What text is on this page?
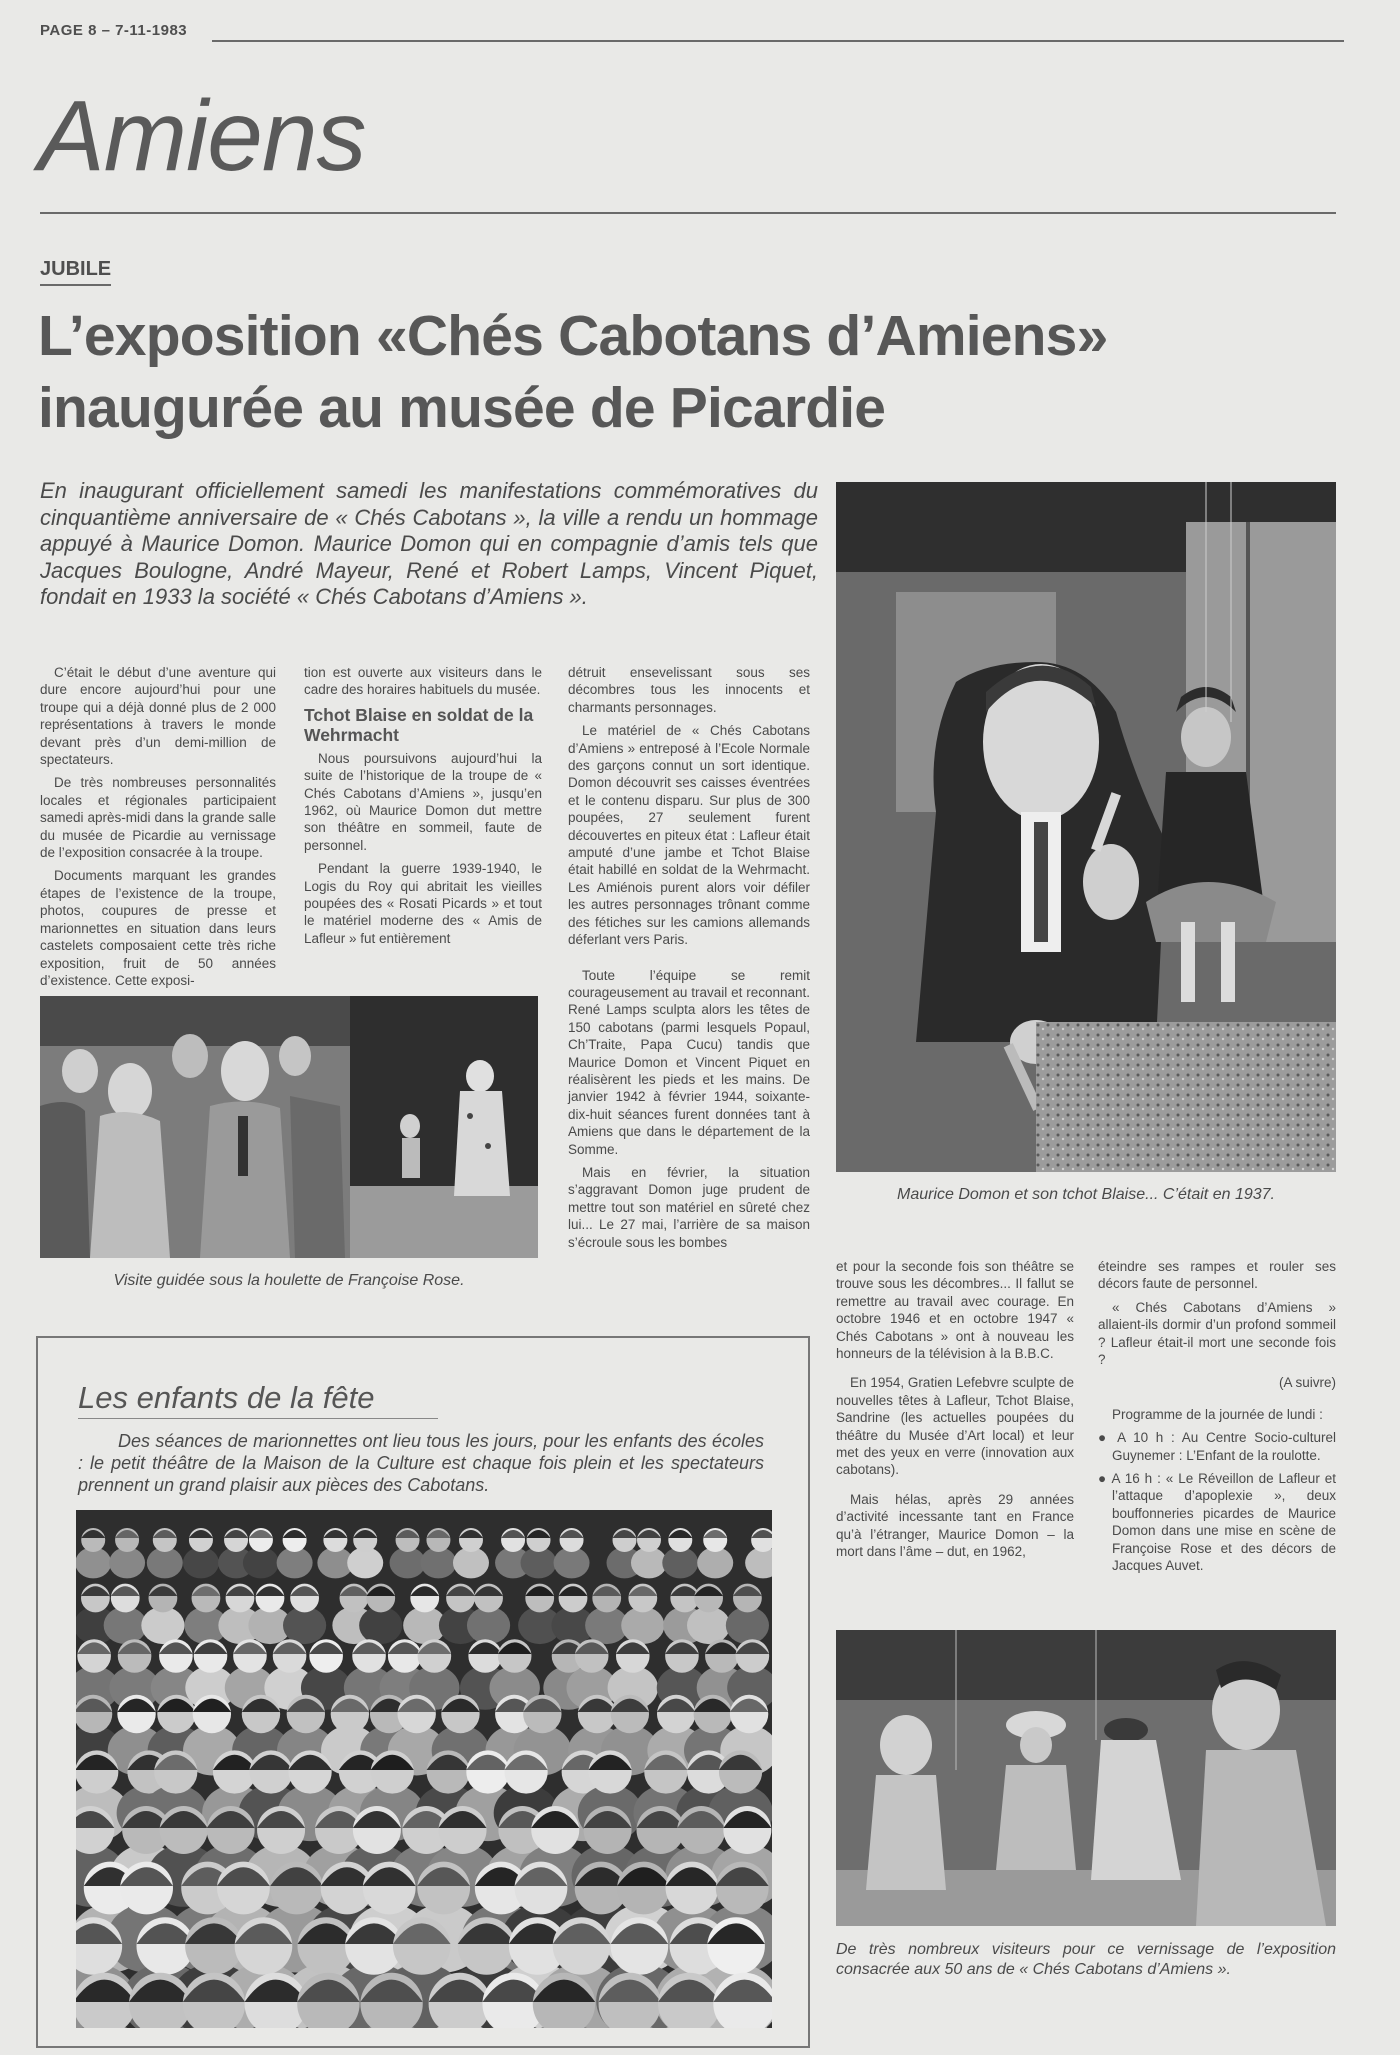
PAGE 8 – 7-11-1983
Amiens
JUBILE
L’exposition «Chés Cabotans d’Amiens»
inaugurée au musée de Picardie
En inaugurant officiellement samedi les manifestations commémoratives du cinquantième anniversaire de « Chés Cabotans », la ville a rendu un hommage appuyé à Maurice Domon. Maurice Domon qui en compagnie d’amis tels que Jacques Boulogne, André Mayeur, René et Robert Lamps, Vincent Piquet, fondait en 1933 la société « Chés Cabotans d’Amiens ».

C’était le début d’une aventure qui dure encore aujourd’hui pour une troupe qui a déjà donné plus de 2 000 représentations à travers le monde devant près d’un demi-million de spectateurs.

De très nombreuses personnalités locales et régionales participaient samedi après-midi dans la grande salle du musée de Picardie au vernissage de l’exposition consacrée à la troupe.

Documents marquant les grandes étapes de l’existence de la troupe, photos, coupures de presse et marionnettes en situation dans leurs castelets composaient cette très riche exposition, fruit de 50 années d’existence. Cette exposi-

tion est ouverte aux visiteurs dans le cadre des horaires habituels du musée.

Tchot Blaise en soldat de la Wehrmacht

Nous poursuivons aujourd’hui la suite de l’historique de la troupe de « Chés Cabotans d’Amiens », jusqu’en 1962, où Maurice Domon dut mettre son théâtre en sommeil, faute de personnel.

Pendant la guerre 1939-1940, le Logis du Roy qui abritait les vieilles poupées des « Rosati Picards » et tout le matériel moderne des « Amis de Lafleur » fut entièrement

détruit ensevelissant sous ses décombres tous les innocents et charmants personnages.

Le matériel de « Chés Cabotans d’Amiens » entreposé à l’Ecole Normale des garçons connut un sort identique. Domon découvrit ses caisses éventrées et le contenu disparu. Sur plus de 300 poupées, 27 seulement furent découvertes en piteux état : Lafleur était amputé d’une jambe et Tchot Blaise était habillé en soldat de la Wehrmacht. Les Amiénois purent alors voir défiler les autres personnages trônant comme des fétiches sur les camions allemands déferlant vers Paris.

Toute l’équipe se remit courageusement au travail et reconnant. René Lamps sculpta alors les têtes de 150 cabotans (parmi lesquels Popaul, Ch’Traite, Papa Cucu) tandis que Maurice Domon et Vincent Piquet en réalisèrent les pieds et les mains. De janvier 1942 à février 1944, soixante-dix-huit séances furent données tant à Amiens que dans le département de la Somme.

Mais en février, la situation s’aggravant Domon juge prudent de mettre tout son matériel en sûreté chez lui... Le 27 mai, l’arrière de sa maison s’écroule sous les bombes

Maurice Domon et son tchot Blaise... C’était en 1937.
Visite guidée sous la houlette de Françoise Rose.

et pour la seconde fois son théâtre se trouve sous les décombres... Il fallut se remettre au travail avec courage. En octobre 1946 et en octobre 1947 « Chés Cabotans » ont à nouveau les honneurs de la télévision à la B.B.C.

En 1954, Gratien Lefebvre sculpte de nouvelles têtes à Lafleur, Tchot Blaise, Sandrine (les actuelles poupées du théâtre du Musée d’Art local) et leur met des yeux en verre (innovation aux cabotans).

Mais hélas, après 29 années d’activité incessante tant en France qu’à l’étranger, Maurice Domon – la mort dans l’âme – dut, en 1962,

éteindre ses rampes et rouler ses décors faute de personnel.

« Chés Cabotans d’Amiens » allaient-ils dormir d’un profond sommeil ? Lafleur était-il mort une seconde fois ?

(A suivre)

Programme de la journée de lundi :

● A 10 h : Au Centre Socio-culturel Guynemer : L’Enfant de la roulotte.

● A 16 h : « Le Réveillon de Lafleur et l’attaque d’apoplexie », deux bouffonneries picardes de Maurice Domon dans une mise en scène de Françoise Rose et des décors de Jacques Auvet.

De très nombreux visiteurs pour ce vernissage de l’exposition consacrée aux 50 ans de « Chés Cabotans d’Amiens ».
Les enfants de la fête

Des séances de marionnettes ont lieu tous les jours, pour les enfants des écoles : le petit théâtre de la Maison de la Culture est chaque fois plein et les spectateurs prennent un grand plaisir aux pièces des Cabotans.
